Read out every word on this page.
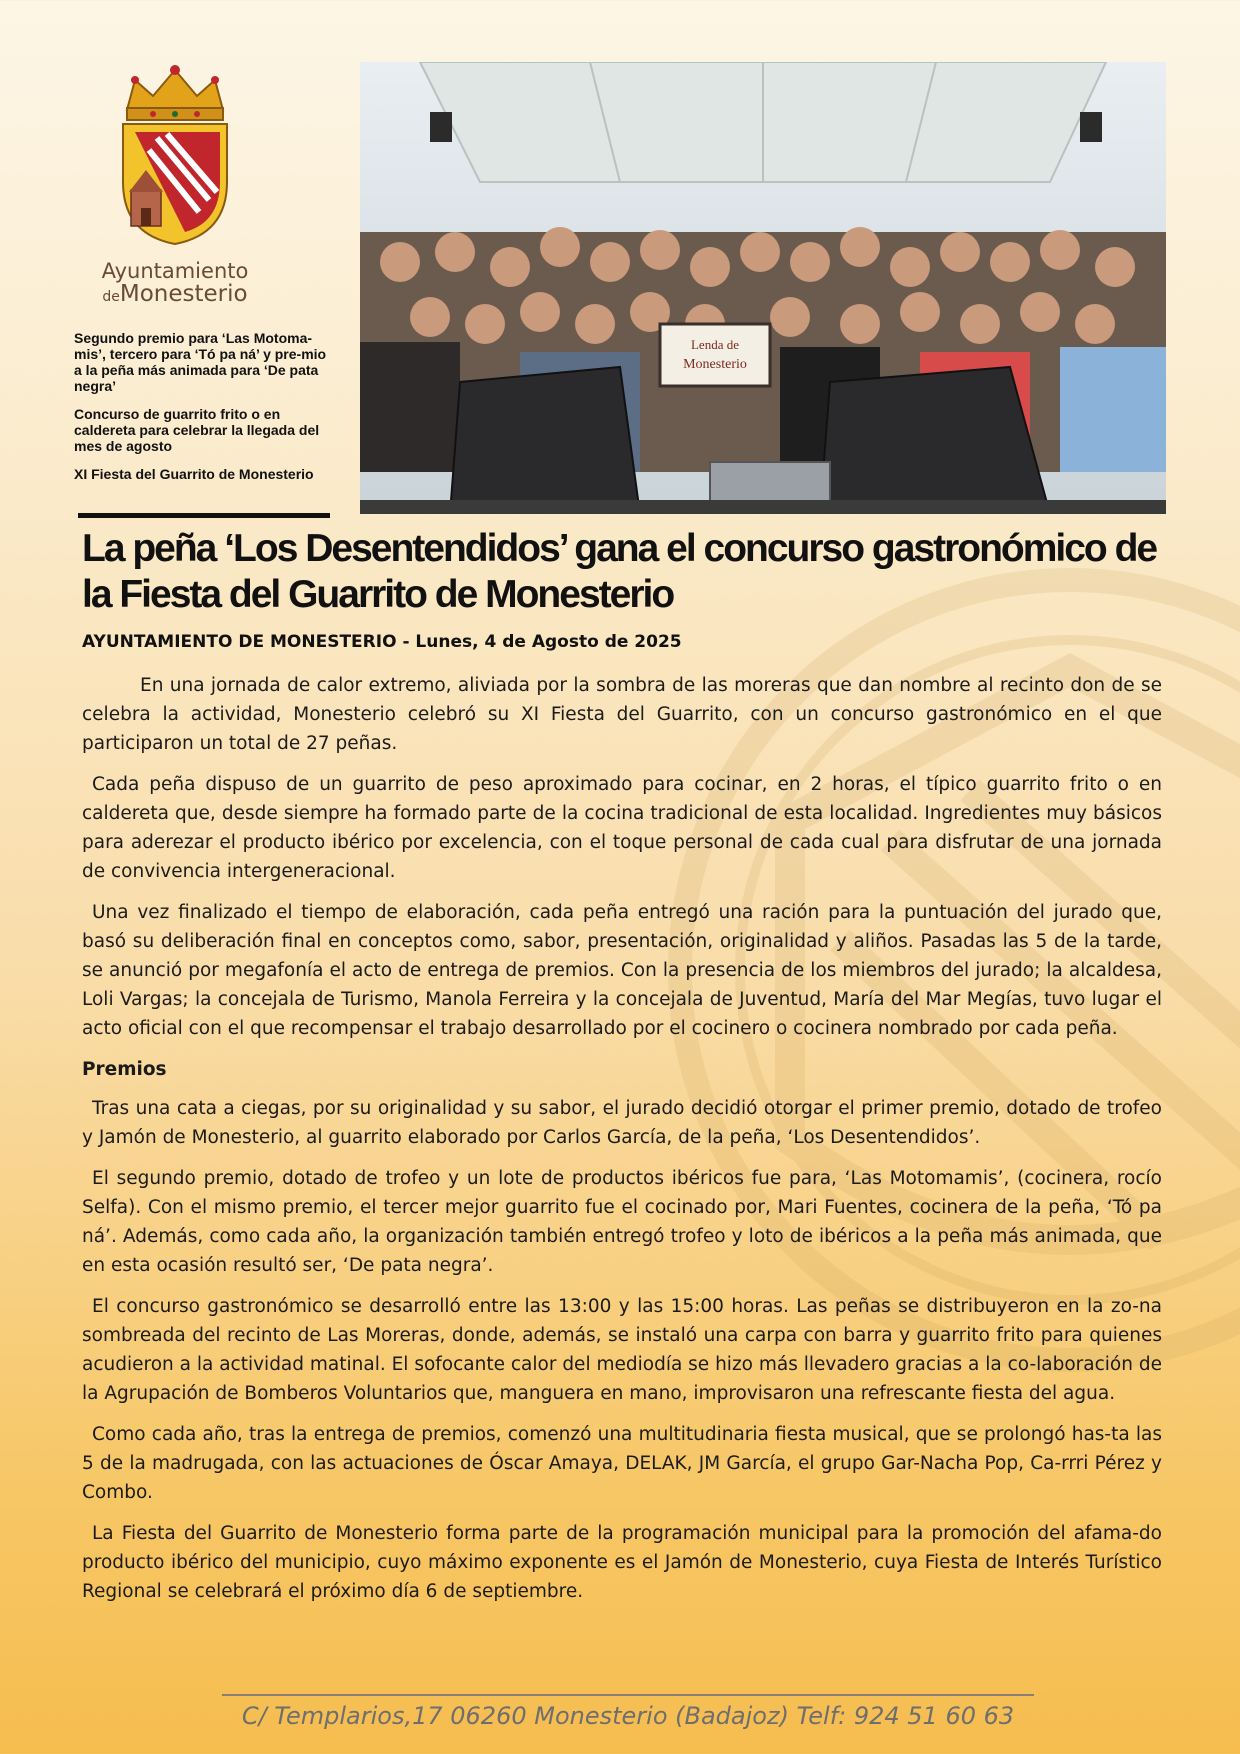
Ayuntamiento
deMonesterio

Segundo premio para ‘Las Motoma-mis’, tercero para ‘Tó pa ná’ y pre-mio a la peña más animada para ‘De pata negra’

Concurso de guarrito frito o en caldereta para celebrar la llegada del mes de agosto

XI Fiesta del Guarrito de Monesterio

Lenda de
Monesterio
La peña ‘Los Desentendidos’ gana el concurso gastronómico de la Fiesta del Guarrito de Monesterio

AYUNTAMIENTO DE MONESTERIO - Lunes, 4 de Agosto de 2025

En una jornada de calor extremo, aliviada por la sombra de las moreras que dan nombre al recinto don de se celebra la actividad, Monesterio celebró su XI Fiesta del Guarrito, con un concurso gastronómico en el que participaron un total de 27 peñas.

Cada peña dispuso de un guarrito de peso aproximado para cocinar, en 2 horas, el típico guarrito frito o en caldereta que, desde siempre ha formado parte de la cocina tradicional de esta localidad. Ingredientes muy básicos para aderezar el producto ibérico por excelencia, con el toque personal de cada cual para disfrutar de una jornada de convivencia intergeneracional.

Una vez finalizado el tiempo de elaboración, cada peña entregó una ración para la puntuación del jurado que, basó su deliberación final en conceptos como, sabor, presentación, originalidad y aliños. Pasadas las 5 de la tarde, se anunció por megafonía el acto de entrega de premios. Con la presencia de los miembros del jurado; la alcaldesa, Loli Vargas; la concejala de Turismo, Manola Ferreira y la concejala de Juventud, María del Mar Megías, tuvo lugar el acto oficial con el que recompensar el trabajo desarrollado por el cocinero o cocinera nombrado por cada peña.

Premios

Tras una cata a ciegas, por su originalidad y su sabor, el jurado decidió otorgar el primer premio, dotado de trofeo y Jamón de Monesterio, al guarrito elaborado por Carlos García, de la peña, ‘Los Desentendidos’.

El segundo premio, dotado de trofeo y un lote de productos ibéricos fue para, ‘Las Motomamis’, (cocinera, rocío Selfa). Con el mismo premio, el tercer mejor guarrito fue el cocinado por, Mari Fuentes, cocinera de la peña, ‘Tó pa ná’. Además, como cada año, la organización también entregó trofeo y loto de ibéricos a la peña más animada, que en esta ocasión resultó ser, ‘De pata negra’.

El concurso gastronómico se desarrolló entre las 13:00 y las 15:00 horas. Las peñas se distribuyeron en la zo-na sombreada del recinto de Las Moreras, donde, además, se instaló una carpa con barra y guarrito frito para quienes acudieron a la actividad matinal. El sofocante calor del mediodía se hizo más llevadero gracias a la co-laboración de la Agrupación de Bomberos Voluntarios que, manguera en mano, improvisaron una refrescante fiesta del agua.

Como cada año, tras la entrega de premios, comenzó una multitudinaria fiesta musical, que se prolongó has-ta las 5 de la madrugada, con las actuaciones de Óscar Amaya, DELAK, JM García, el grupo Gar-Nacha Pop, Ca-rrri Pérez y Combo.

La Fiesta del Guarrito de Monesterio forma parte de la programación municipal para la promoción del afama-do producto ibérico del municipio, cuyo máximo exponente es el Jamón de Monesterio, cuya Fiesta de Interés Turístico Regional se celebrará el próximo día 6 de septiembre.

C/ Templarios,17 06260 Monesterio (Badajoz) Telf: 924 51 60 63
